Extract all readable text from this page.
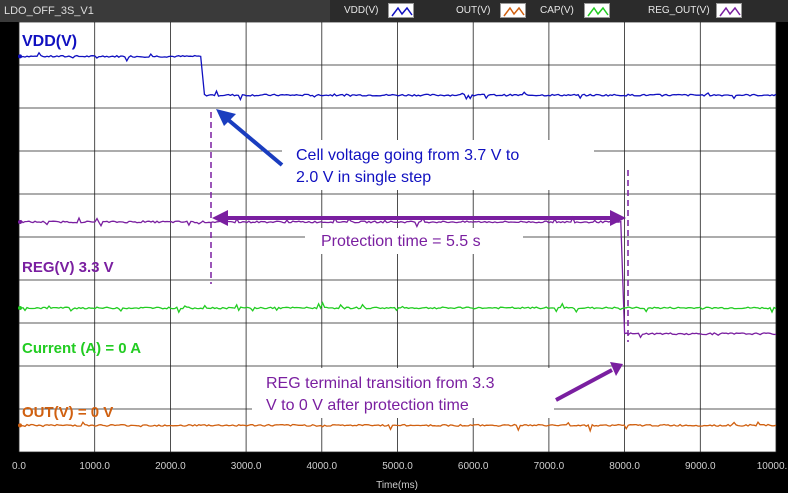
LDO_OFF_3S_V1	VDD(V)	OUT(V)	CAP(V)	REG_OUT(V)
0.0	1000.0	2000.0	3000.0	4000.0	5000.0	6000.0	7000.0	8000.0	9000.0	10000.
Time(ms)
VDD(V)
REG(V) 3.3 V
Current (A) = 0 A
OUT(V) = 0 V
Cell voltage going from 3.7 V to
2.0 V in single step
Protection time = 5.5 s
REG terminal transition from 3.3
V to 0 V after protection time
